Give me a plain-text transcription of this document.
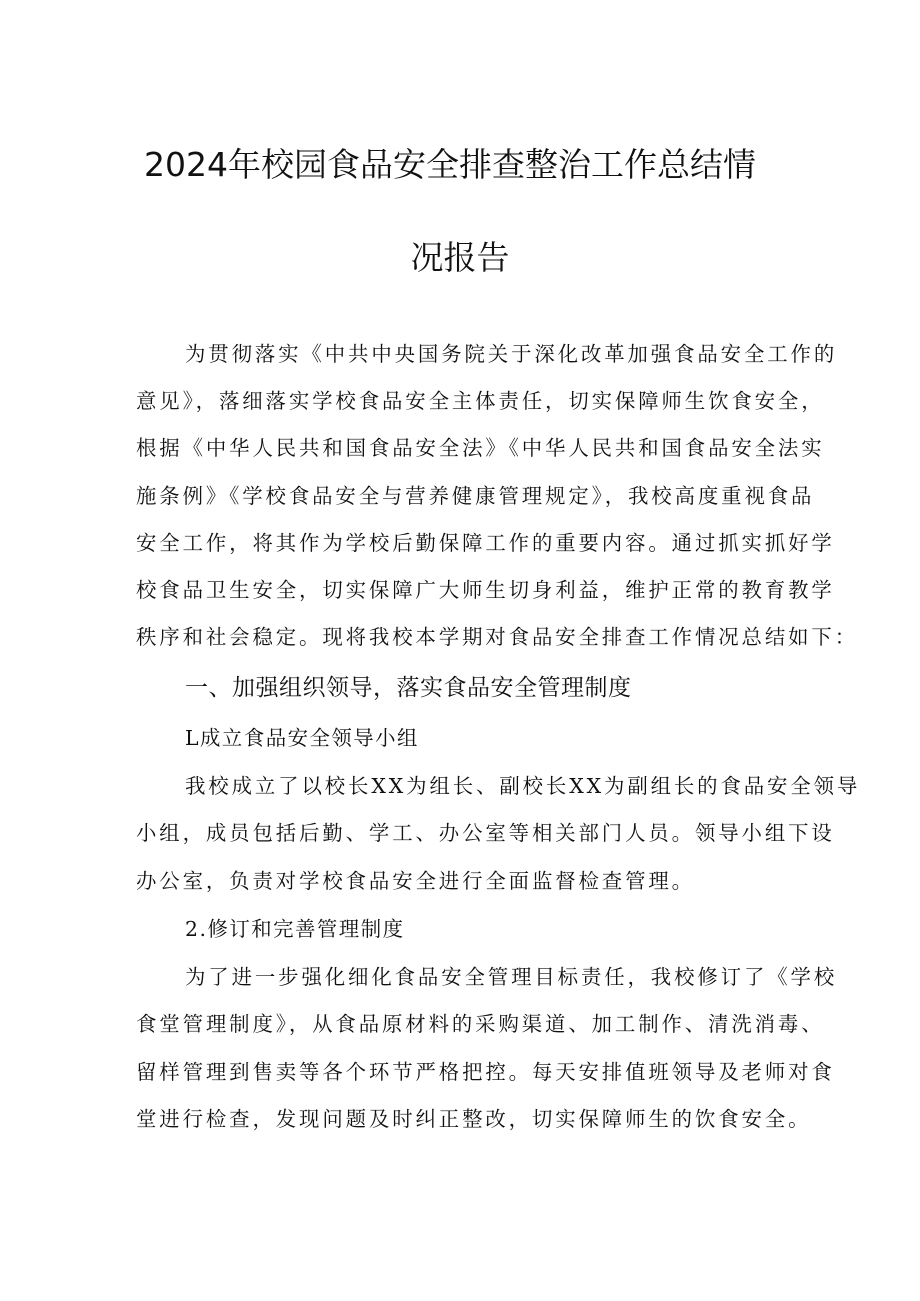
2024年校园食品安全排查整治工作总结情
况报告
为贯彻落实《中共中央国务院关于深化改革加强食品安全工作的
意见》，落细落实学校食品安全主体责任，切实保障师生饮食安全，
根据《中华人民共和国食品安全法》《中华人民共和国食品安全法实
施条例》《学校食品安全与营养健康管理规定》，我校高度重视食品
安全工作，将其作为学校后勤保障工作的重要内容。通过抓实抓好学
校食品卫生安全，切实保障广大师生切身利益，维护正常的教育教学
秩序和社会稳定。现将我校本学期对食品安全排查工作情况总结如下：
一、加强组织领导，落实食品安全管理制度
L成立食品安全领导小组
我校成立了以校长XX为组长、副校长XX为副组长的食品安全领导
小组，成员包括后勤、学工、办公室等相关部门人员。领导小组下设
办公室，负责对学校食品安全进行全面监督检查管理。
2.修订和完善管理制度
为了进一步强化细化食品安全管理目标责任，我校修订了《学校
食堂管理制度》，从食品原材料的采购渠道、加工制作、清洗消毒、
留样管理到售卖等各个环节严格把控。每天安排值班领导及老师对食
堂进行检查，发现问题及时纠正整改，切实保障师生的饮食安全。
